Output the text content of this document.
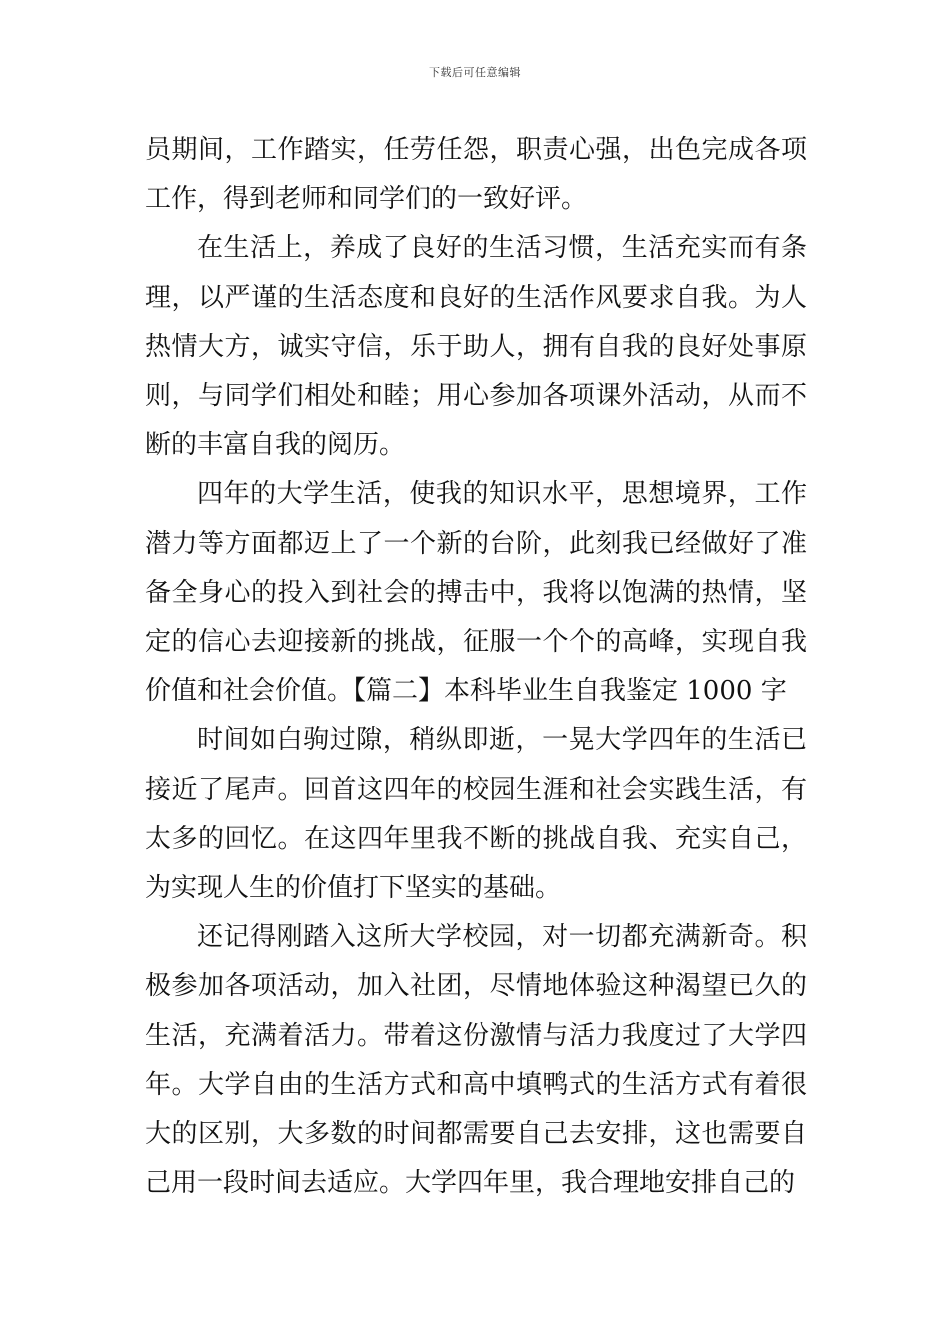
下载后可任意编辑

员期间，工作踏实，任劳任怨，职责心强，出色完成各项工作，得到老师和同学们的一致好评。

在生活上，养成了良好的生活习惯，生活充实而有条理，以严谨的生活态度和良好的生活作风要求自我。为人热情大方，诚实守信，乐于助人，拥有自我的良好处事原则，与同学们相处和睦；用心参加各项课外活动，从而不断的丰富自我的阅历。

四年的大学生活，使我的知识水平，思想境界，工作潜力等方面都迈上了一个新的台阶，此刻我已经做好了准备全身心的投入到社会的搏击中，我将以饱满的热情，坚定的信心去迎接新的挑战，征服一个个的高峰，实现自我价值和社会价值。【篇二】本科毕业生自我鉴定 1000 字

时间如白驹过隙，稍纵即逝，一晃大学四年的生活已接近了尾声。回首这四年的校园生涯和社会实践生活，有太多的回忆。在这四年里我不断的挑战自我、充实自己，为实现人生的价值打下坚实的基础。

还记得刚踏入这所大学校园，对一切都充满新奇。积极参加各项活动，加入社团，尽情地体验这种渴望已久的生活，充满着活力。带着这份激情与活力我度过了大学四年。大学自由的生活方式和高中填鸭式的生活方式有着很大的区别，大多数的时间都需要自己去安排，这也需要自己用一段时间去适应。大学四年里，我合理地安排自己的
